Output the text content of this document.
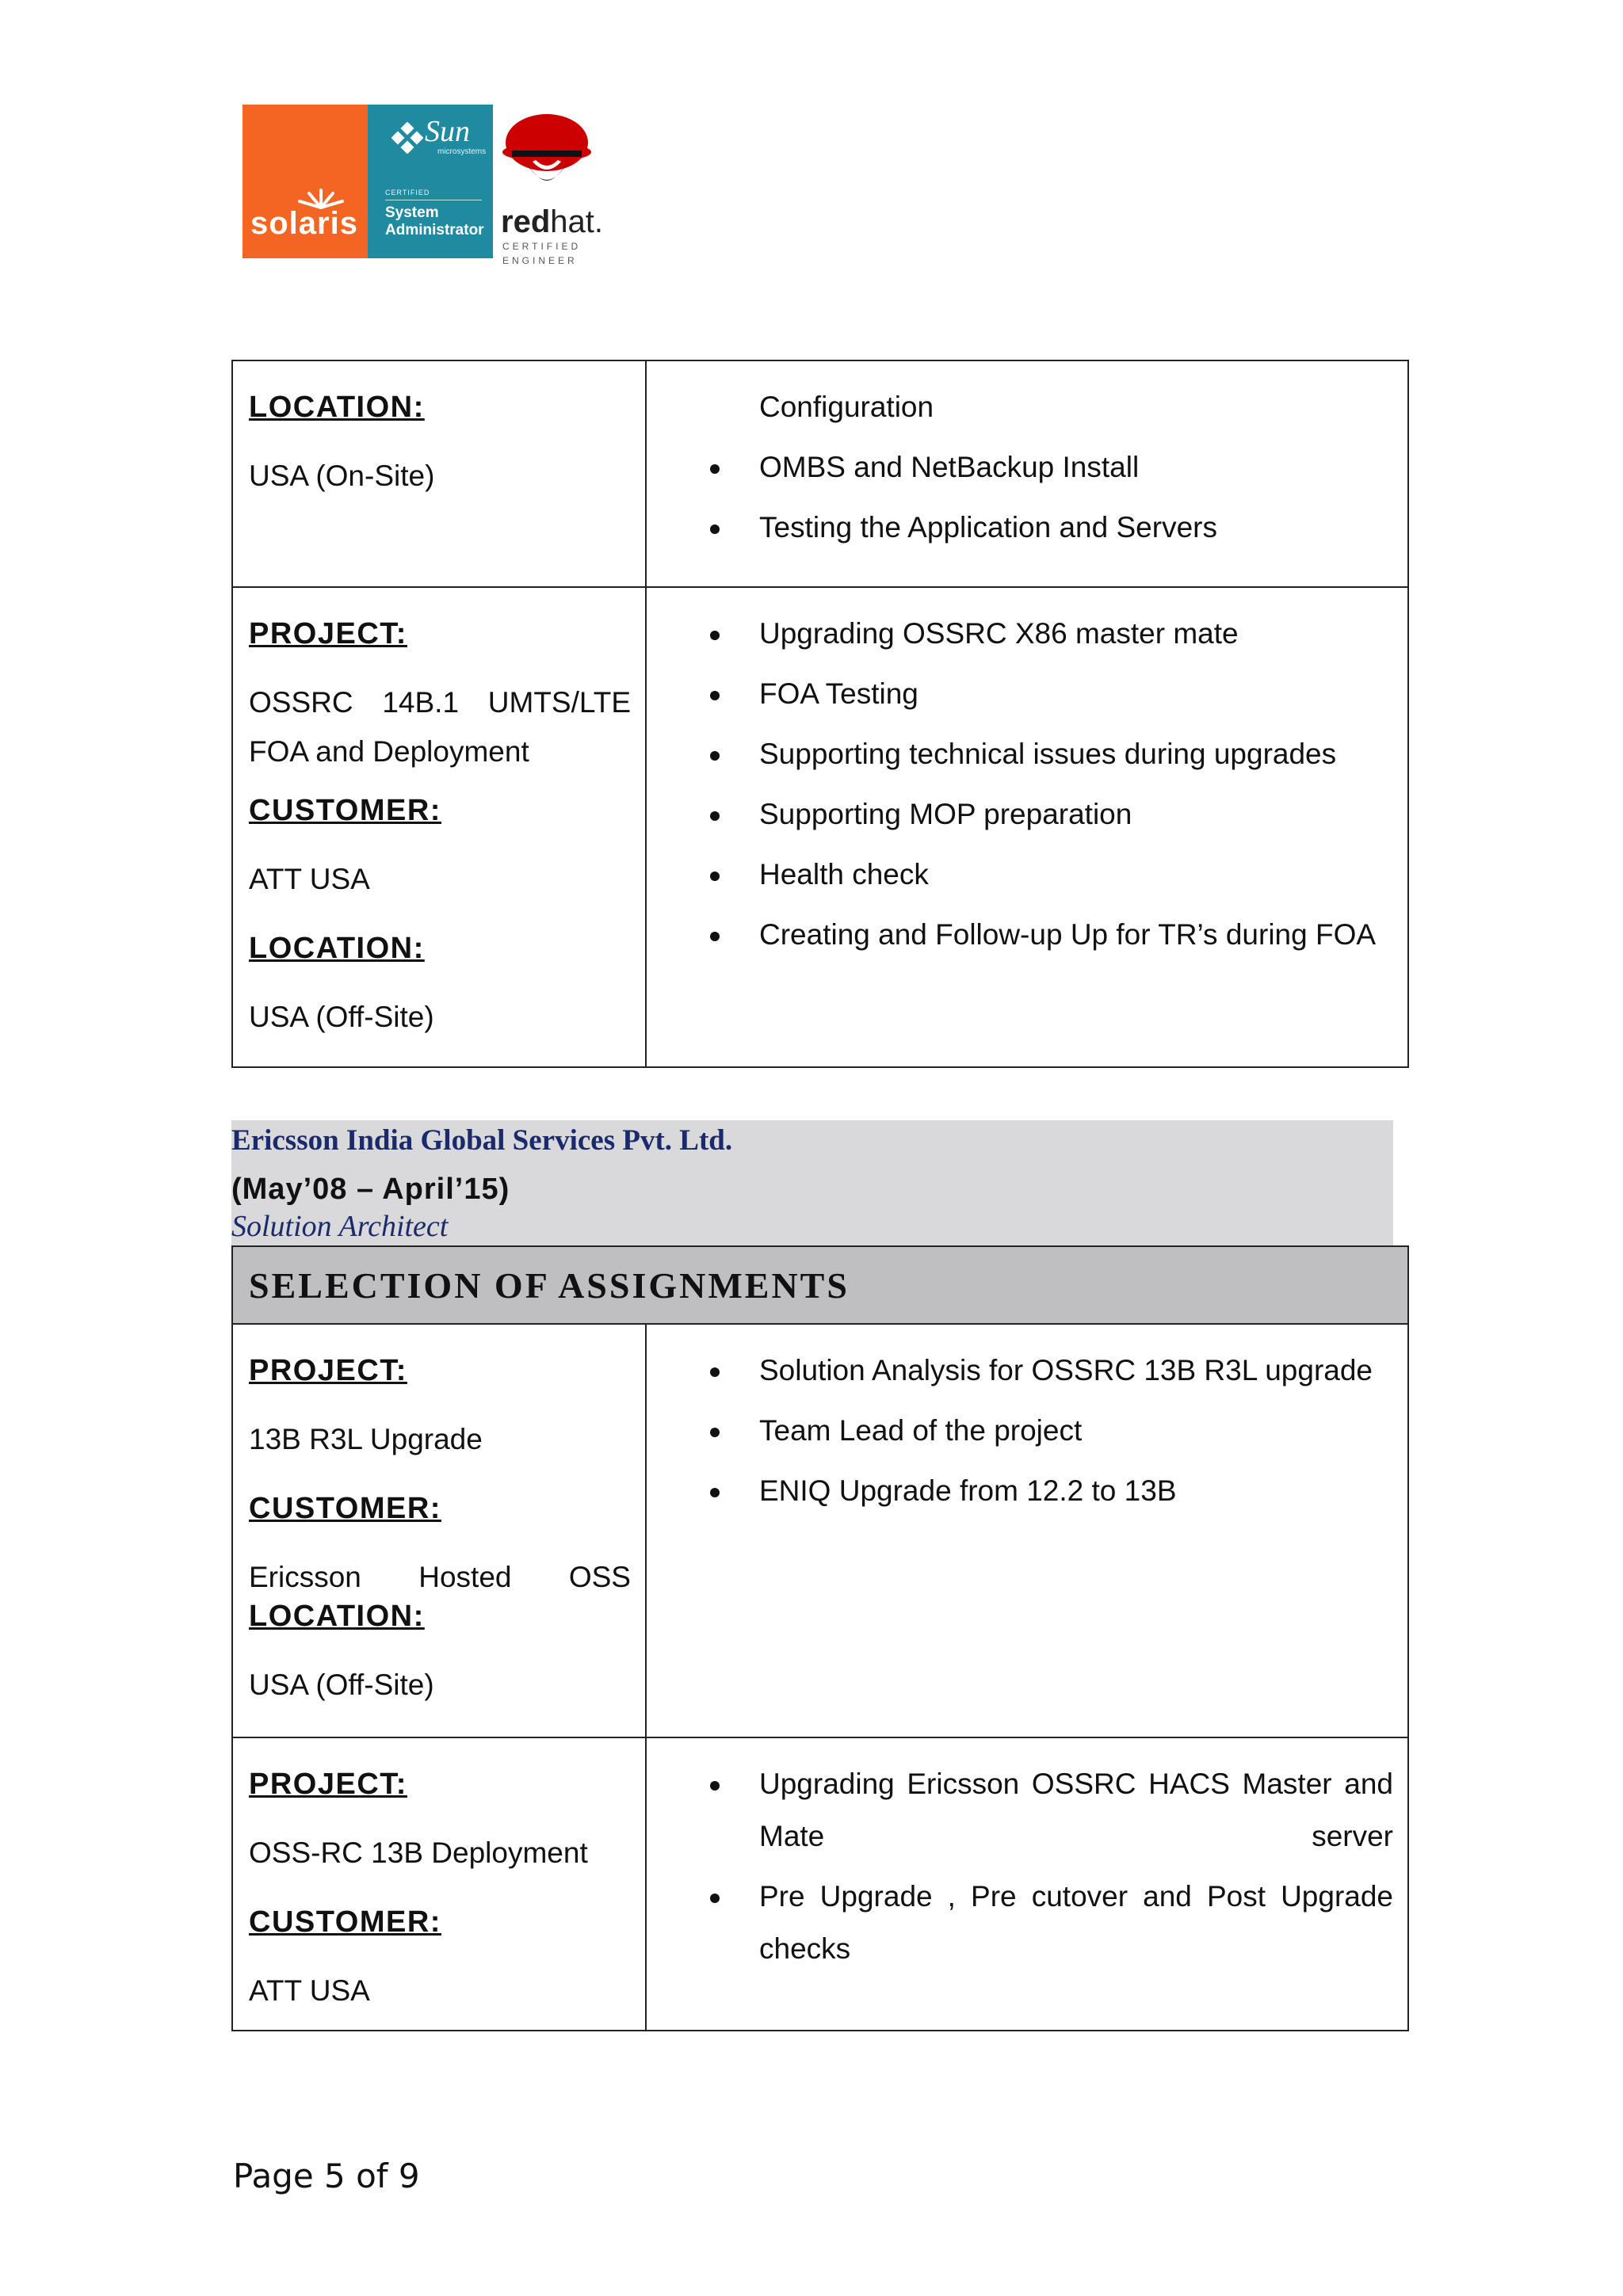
solaris
Sun
microsystems
CERTIFIED
System
Administrator redhat.
CERTIFIED
ENGINEER
LOCATION:
USA (On-Site)
Configuration
OMBS and NetBackup Install
Testing the Application and Servers
PROJECT:
OSSRC 14B.1 UMTS/LTE
FOA and Deployment
CUSTOMER:
ATT USA
LOCATION:
USA (Off-Site)
Upgrading OSSRC X86 master mate
FOA Testing
Supporting technical issues during upgrades
Supporting MOP preparation
Health check
Creating and Follow-up Up for TR’s during FOA
Ericsson India Global Services Pvt. Ltd.
(May’08 – April’15)
Solution Architect
SELECTION OF ASSIGNMENTS
PROJECT:
13B R3L Upgrade
CUSTOMER:
Ericsson Hosted OSS
LOCATION:
USA (Off-Site)
Solution Analysis for OSSRC 13B R3L upgrade
Team Lead of the project
ENIQ Upgrade from 12.2 to 13B
PROJECT:
OSS-RC 13B Deployment
CUSTOMER:
ATT USA
Upgrading Ericsson OSSRC HACS Master and Mate server
Pre Upgrade , Pre cutover and Post Upgrade checks
Page 5 of 9
